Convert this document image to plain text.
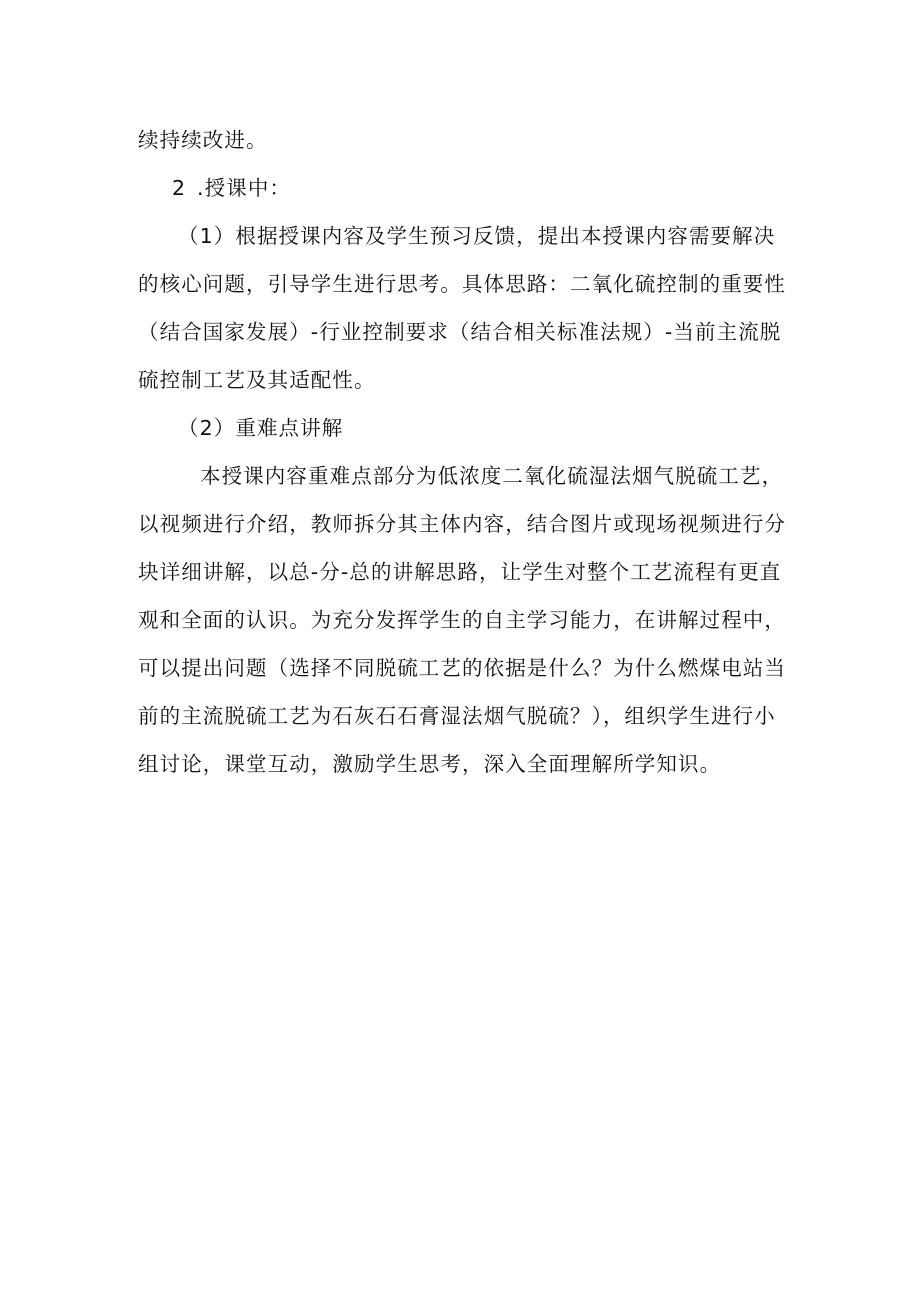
续持续改进。
2 .授课中：
（1）根据授课内容及学生预习反馈，提出本授课内容需要解决
的核心问题，引导学生进行思考。具体思路：二氧化硫控制的重要性
（结合国家发展）-行业控制要求（结合相关标准法规）-当前主流脱
硫控制工艺及其适配性。
（2）重难点讲解
本授课内容重难点部分为低浓度二氧化硫湿法烟气脱硫工艺，
以视频进行介绍，教师拆分其主体内容，结合图片或现场视频进行分
块详细讲解，以总-分-总的讲解思路，让学生对整个工艺流程有更直
观和全面的认识。为充分发挥学生的自主学习能力，在讲解过程中，
可以提出问题（选择不同脱硫工艺的依据是什么？为什么燃煤电站当
前的主流脱硫工艺为石灰石石膏湿法烟气脱硫？），组织学生进行小
组讨论，课堂互动，激励学生思考，深入全面理解所学知识。
